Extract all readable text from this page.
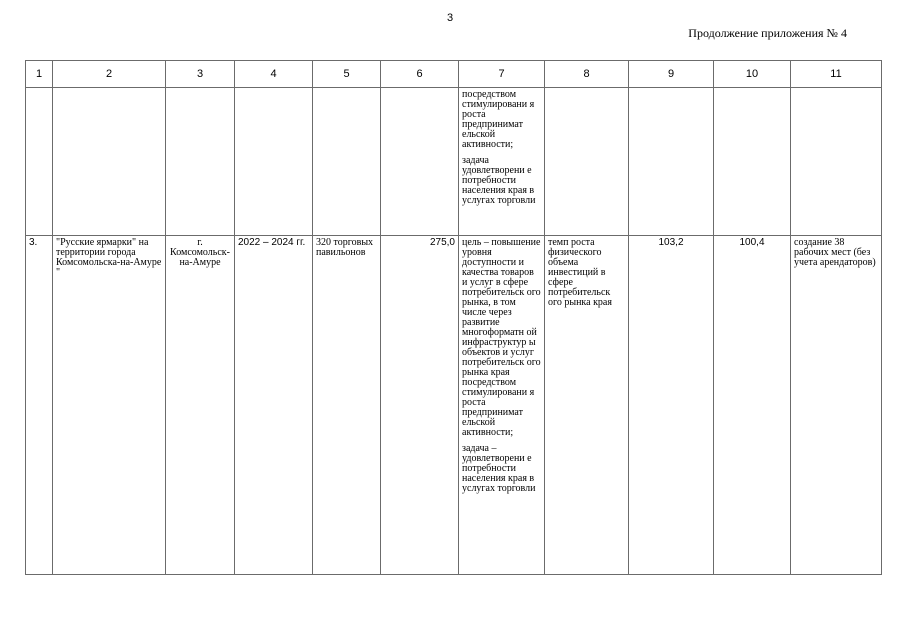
3
Продолжение приложения № 4
1	2	3	4	5	6	7	8	9	10	11

						посредством стимулировани я роста предпринимат ельской активности;

задача удовлетворени е потребности населения края в услугах торговли				

3.	"Русские ярмарки" на территории города Комсомольска-на-Амуре "	г. Комсомольск-на-Амуре	2022 – 2024 гг.	320 торговых павильонов	275,0	цель – повышение уровня доступности и качества товаров и услуг в сфере потребительск ого рынка, в том числе через развитие многоформатн ой инфраструктур ы объектов и услуг потребительск ого рынка края посредством стимулировани я роста предпринимат ельской активности;

задача – удовлетворени е потребности населения края в услугах торговли	темп роста физического объема инвестиций в сфере потребительск ого рынка края	103,2	100,4	создание 38 рабочих мест (без учета арендаторов)
